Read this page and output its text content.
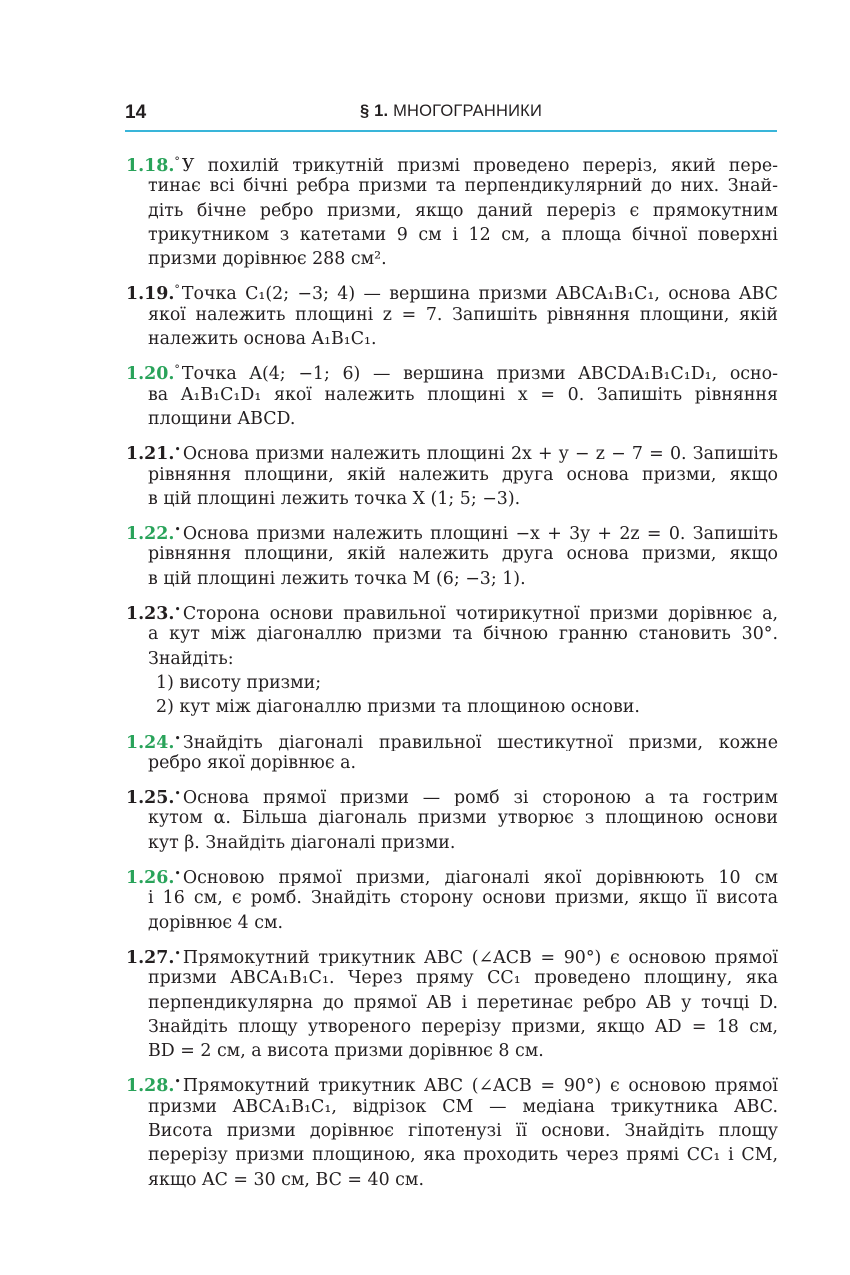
14	§ 1. МНОГОГРАННИКИ
1.18.° У похилій трикутній призмі проведено переріз, який пере-
тинає всі бічні ребра призми та перпендикулярний до них. Знай-
діть бічне ребро призми, якщо даний переріз є прямокутним
трикутником з катетами 9 см і 12 см, а площа бічної поверхні
призми дорівнює 288 см².
1.19.° Точка C₁(2; −3; 4) — вершина призми ABCA₁B₁C₁, основа ABC
якої належить площині z = 7. Запишіть рівняння площини, якій
належить основа A₁B₁C₁.
1.20.° Точка A(4; −1; 6) — вершина призми ABCDA₁B₁C₁D₁, осно-
ва A₁B₁C₁D₁ якої належить площині x = 0. Запишіть рівняння
площини ABCD.
1.21.• Основа призми належить площині 2x + y − z − 7 = 0. Запишіть
рівняння площини, якій належить друга основа призми, якщо
в цій площині лежить точка X (1; 5; −3).
1.22.• Основа призми належить площині −x + 3y + 2z = 0. Запишіть
рівняння площини, якій належить друга основа призми, якщо
в цій площині лежить точка M (6; −3; 1).
1.23.• Сторона основи правильної чотирикутної призми дорівнює a,
а кут між діагоналлю призми та бічною гранню становить 30°.
Знайдіть:
1) висоту призми;
2) кут між діагоналлю призми та площиною основи.
1.24.• Знайдіть діагоналі правильної шестикутної призми, кожне
ребро якої дорівнює a.
1.25.• Основа прямої призми — ромб зі стороною a та гострим
кутом α. Більша діагональ призми утворює з площиною основи
кут β. Знайдіть діагоналі призми.
1.26.• Основою прямої призми, діагоналі якої дорівнюють 10 см
і 16 см, є ромб. Знайдіть сторону основи призми, якщо її висота
дорівнює 4 см.
1.27.• Прямокутний трикутник ABC (∠ACB = 90°) є основою прямої
призми ABCA₁B₁C₁. Через пряму CC₁ проведено площину, яка
перпендикулярна до прямої AB і перетинає ребро AB у точці D.
Знайдіть площу утвореного перерізу призми, якщо AD = 18 см,
BD = 2 см, а висота призми дорівнює 8 см.
1.28.• Прямокутний трикутник ABC (∠ACB = 90°) є основою прямої
призми ABCA₁B₁C₁, відрізок CM — медіана трикутника ABC.
Висота призми дорівнює гіпотенузі її основи. Знайдіть площу
перерізу призми площиною, яка проходить через прямі CC₁ і CM,
якщо AC = 30 см, BC = 40 см.
